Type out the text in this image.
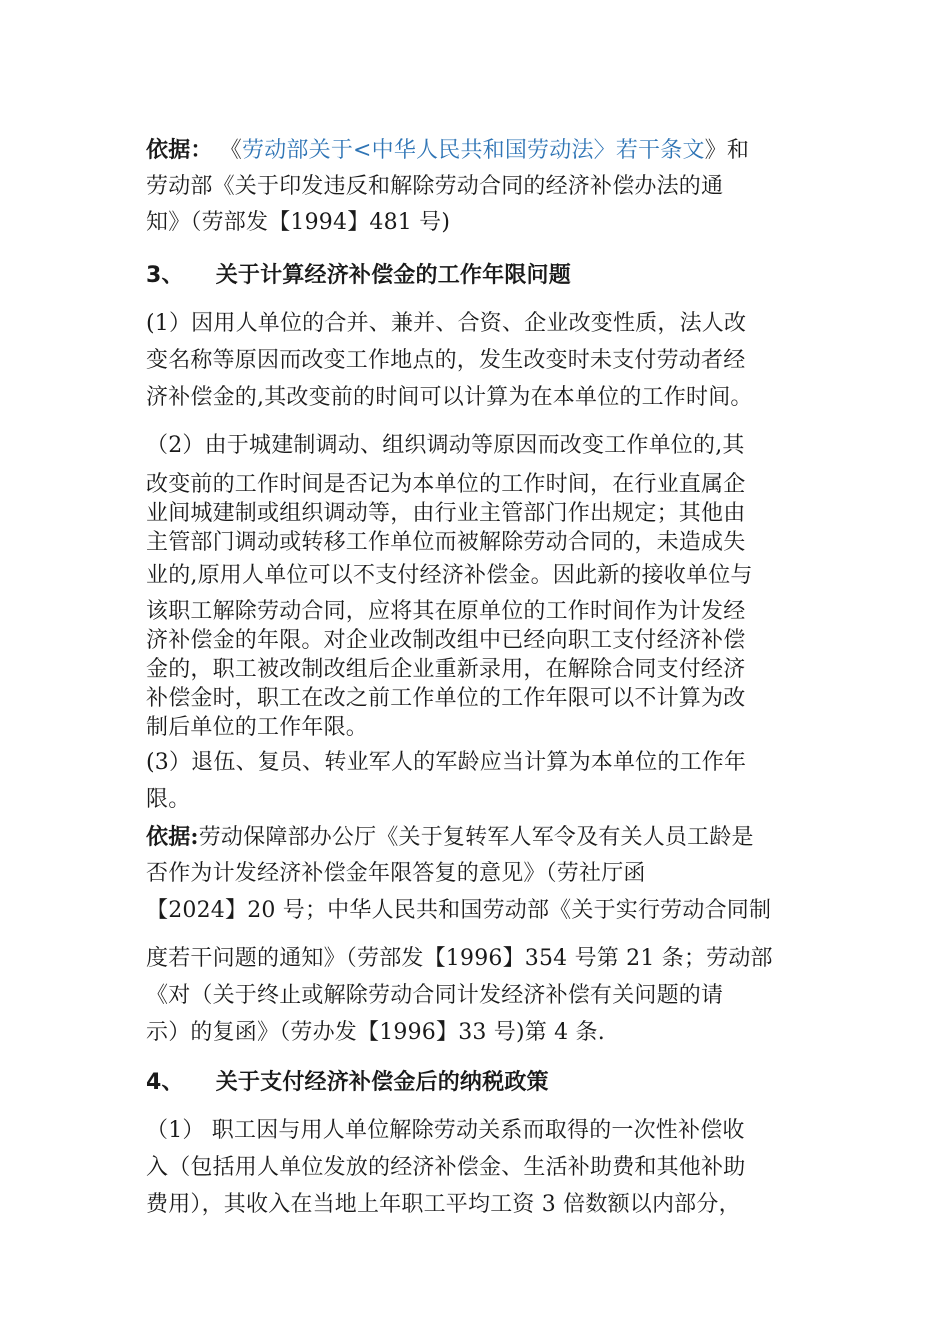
依据： 《劳动部关于<中华人民共和国劳动法〉若干条文》和
劳动部《关于印发违反和解除劳动合同的经济补偿办法的通
知》（劳部发【1994】481 号)
3、 关于计算经济补偿金的工作年限问题
(1）因用人单位的合并、兼并、合资、企业改变性质，法人改
变名称等原因而改变工作地点的，发生改变时未支付劳动者经
济补偿金的,其改变前的时间可以计算为在本单位的工作时间。
（2）由于城建制调动、组织调动等原因而改变工作单位的,其
改变前的工作时间是否记为本单位的工作时间，在行业直属企
业间城建制或组织调动等，由行业主管部门作出规定；其他由
主管部门调动或转移工作单位而被解除劳动合同的，未造成失
业的,原用人单位可以不支付经济补偿金。因此新的接收单位与
该职工解除劳动合同，应将其在原单位的工作时间作为计发经
济补偿金的年限。对企业改制改组中已经向职工支付经济补偿
金的，职工被改制改组后企业重新录用，在解除合同支付经济
补偿金时，职工在改之前工作单位的工作年限可以不计算为改
制后单位的工作年限。
(3）退伍、复员、转业军人的军龄应当计算为本单位的工作年
限。
依据:劳动保障部办公厅《关于复转军人军令及有关人员工龄是
否作为计发经济补偿金年限答复的意见》（劳社厅函
【2024】20 号；中华人民共和国劳动部《关于实行劳动合同制
度若干问题的通知》（劳部发【1996】354 号第 21 条；劳动部
《对（关于终止或解除劳动合同计发经济补偿有关问题的请
示）的复函》（劳办发【1996】33 号)第 4 条.
4、 关于支付经济补偿金后的纳税政策
（1） 职工因与用人单位解除劳动关系而取得的一次性补偿收
入（包括用人单位发放的经济补偿金、生活补助费和其他补助
费用），其收入在当地上年职工平均工资 3 倍数额以内部分，
